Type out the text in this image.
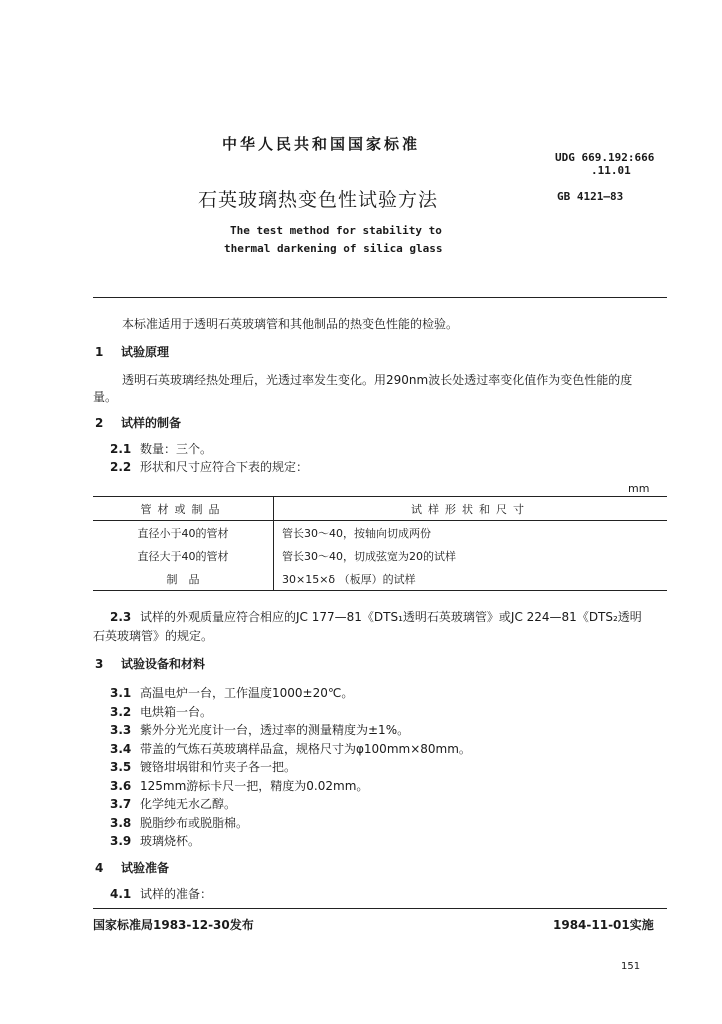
中华人民共和国国家标准
UDG 669.192:666
.11.01
石英玻璃热变色性试验方法	GB 4121—83
The test method for stability to
thermal darkening of silica glass
本标准适用于透明石英玻璃管和其他制品的热变色性能的检验。
1 试验原理
透明石英玻璃经热处理后，光透过率发生变化。用290nm波长处透过率变化值作为变色性能的度
量。
2 试样的制备
2.1 数量：三个。
2.2 形状和尺寸应符合下表的规定：
mm
管材或制品	试样形状和尺寸
直径小于40的管材	管长30～40，按轴向切成两份
直径大于40的管材	管长30～40，切成弦宽为20的试样
制　品	30×15×δ （板厚）的试样
2.3 试样的外观质量应符合相应的JC 177—81《DTS₁透明石英玻璃管》或JC 224—81《DTS₂透明
石英玻璃管》的规定。
3 试验设备和材料
3.1 高温电炉一台，工作温度1000±20℃。
3.2 电烘箱一台。
3.3 紫外分光光度计一台，透过率的测量精度为±1%。
3.4 带盖的气炼石英玻璃样品盒，规格尺寸为φ100mm×80mm。
3.5 镀铬坩埚钳和竹夹子各一把。
3.6 125mm游标卡尺一把，精度为0.02mm。
3.7 化学纯无水乙醇。
3.8 脱脂纱布或脱脂棉。
3.9 玻璃烧杯。
4 试验准备
4.1 试样的准备：
国家标准局1983-12-30发布	1984-11-01实施
151
